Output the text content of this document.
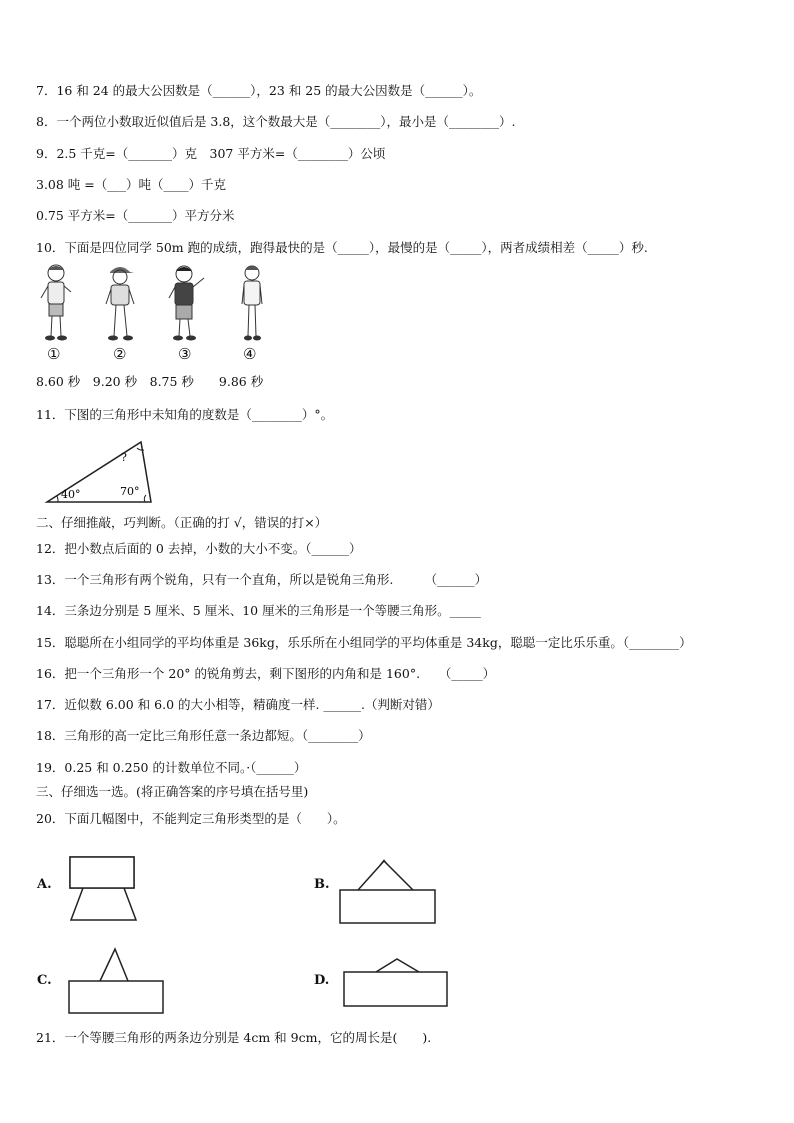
7．16 和 24 的最大公因数是（______），23 和 25 的最大公因数是（______）。
8．一个两位小数取近似值后是 3.8，这个数最大是（________），最小是（________）.
9．2.5 千克=（_______）克　307 平方米=（________）公顷
3.08 吨 =（___）吨（____）千克
0.75 平方米=（_______）平方分米
10．下面是四位同学 50m 跑的成绩，跑得最快的是（_____），最慢的是（_____），两者成绩相差（_____）秒.
①	②	③	④
8.60 秒　9.20 秒　8.75 秒　　9.86 秒
11．下图的三角形中未知角的度数是（________）°。
?
40°	70°
二、仔细推敲，巧判断。（正确的打 √，错误的打×）
12．把小数点后面的 0 去掉，小数的大小不变。（______）
13．一个三角形有两个锐角，只有一个直角，所以是锐角三角形.　　　（______）
14．三条边分别是 5 厘米、5 厘米、10 厘米的三角形是一个等腰三角形。_____
15．聪聪所在小组同学的平均体重是 36kg，乐乐所在小组同学的平均体重是 34kg，聪聪一定比乐乐重。（________）
16．把一个三角形一个 20° 的锐角剪去，剩下图形的内角和是 160°.　　（_____）
17．近似数 6.00 和 6.0 的大小相等，精确度一样. ______.（判断对错）
18．三角形的高一定比三角形任意一条边都短。（________）
19．0.25 和 0.250 的计数单位不同。·（______）
三、仔细选一选。(将正确答案的序号填在括号里)
20．下面几幅图中，不能判定三角形类型的是（　　）。
A.	B.
C.	D.
21．一个等腰三角形的两条边分别是 4cm 和 9cm，它的周长是(　　).
